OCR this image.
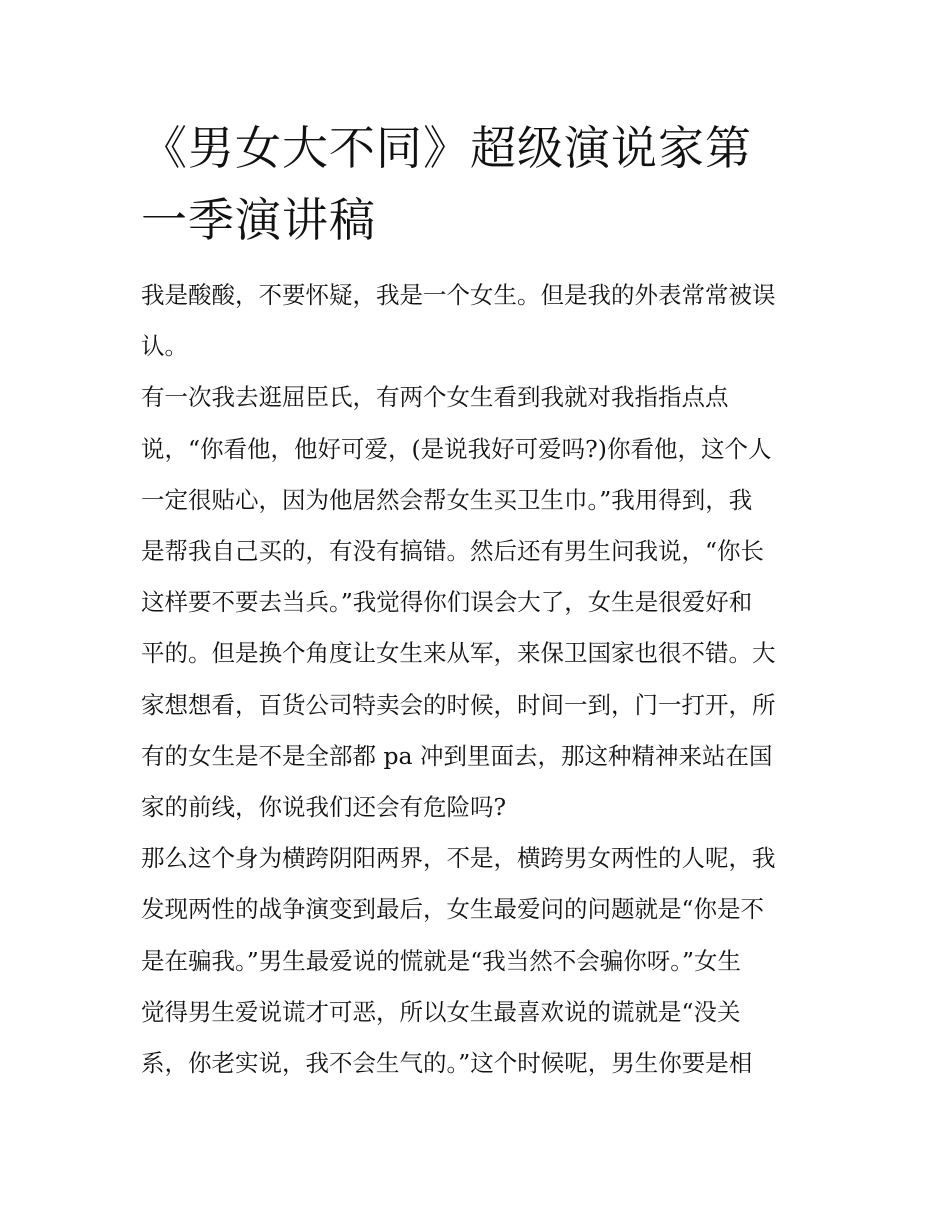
《男女大不同》超级演说家第
一季演讲稿

我是酸酸，不要怀疑，我是一个女生。但是我的外表常常被误
认。

有一次我去逛屈臣氏，有两个女生看到我就对我指指点点
说，“你看他，他好可爱，(是说我好可爱吗?)你看他，这个人
一定很贴心，因为他居然会帮女生买卫生巾。”我用得到，我
是帮我自己买的，有没有搞错。然后还有男生问我说，“你长
这样要不要去当兵。”我觉得你们误会大了，女生是很爱好和
平的。但是换个角度让女生来从军，来保卫国家也很不错。大
家想想看，百货公司特卖会的时候，时间一到，门一打开，所
有的女生是不是全部都 pa 冲到里面去，那这种精神来站在国
家的前线，你说我们还会有危险吗?

那么这个身为横跨阴阳两界，不是，横跨男女两性的人呢，我
发现两性的战争演变到最后，女生最爱问的问题就是“你是不
是在骗我。”男生最爱说的慌就是“我当然不会骗你呀。”女生
觉得男生爱说谎才可恶，所以女生最喜欢说的谎就是“没关
系，你老实说，我不会生气的。”这个时候呢，男生你要是相
